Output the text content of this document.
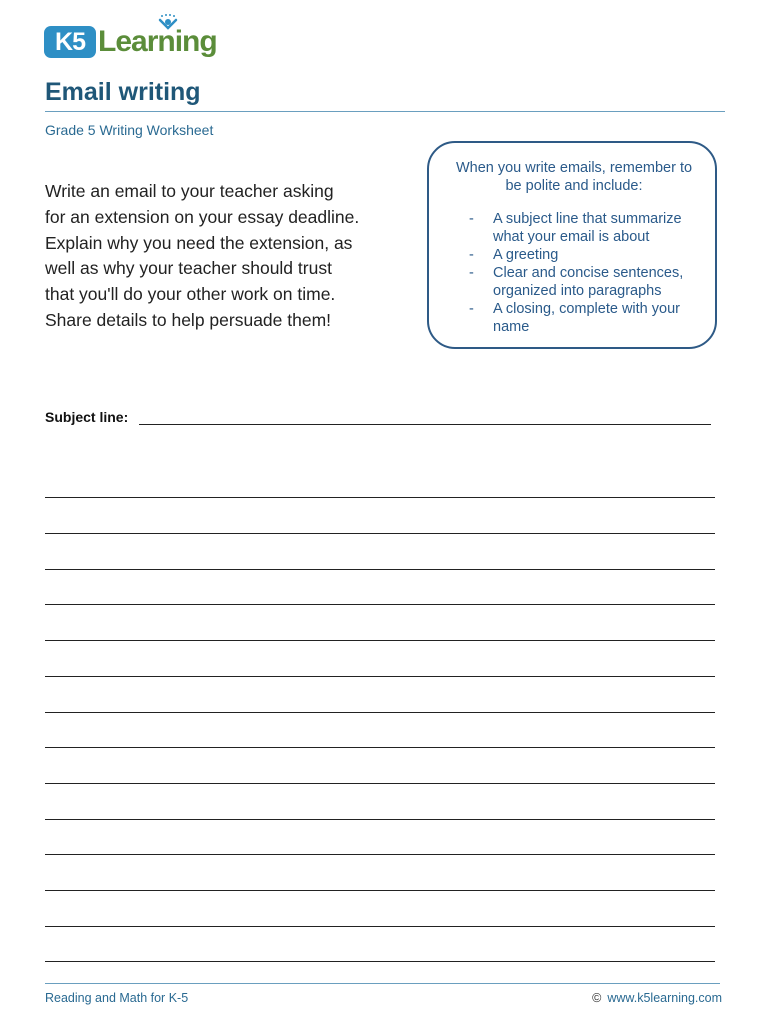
K5 Learning
Email writing
Grade 5 Writing Worksheet
Write an email to your teacher asking
for an extension on your essay deadline.
Explain why you need the extension, as
well as why your teacher should trust
that you'll do your other work on time.
Share details to help persuade them!
When you write emails, remember to
be polite and include:
- A subject line that summarize
what your email is about
- A greeting
- Clear and concise sentences,
organized into paragraphs
- A closing, complete with your
name
Subject line:
Reading and Math for K-5	© www.k5learning.com
